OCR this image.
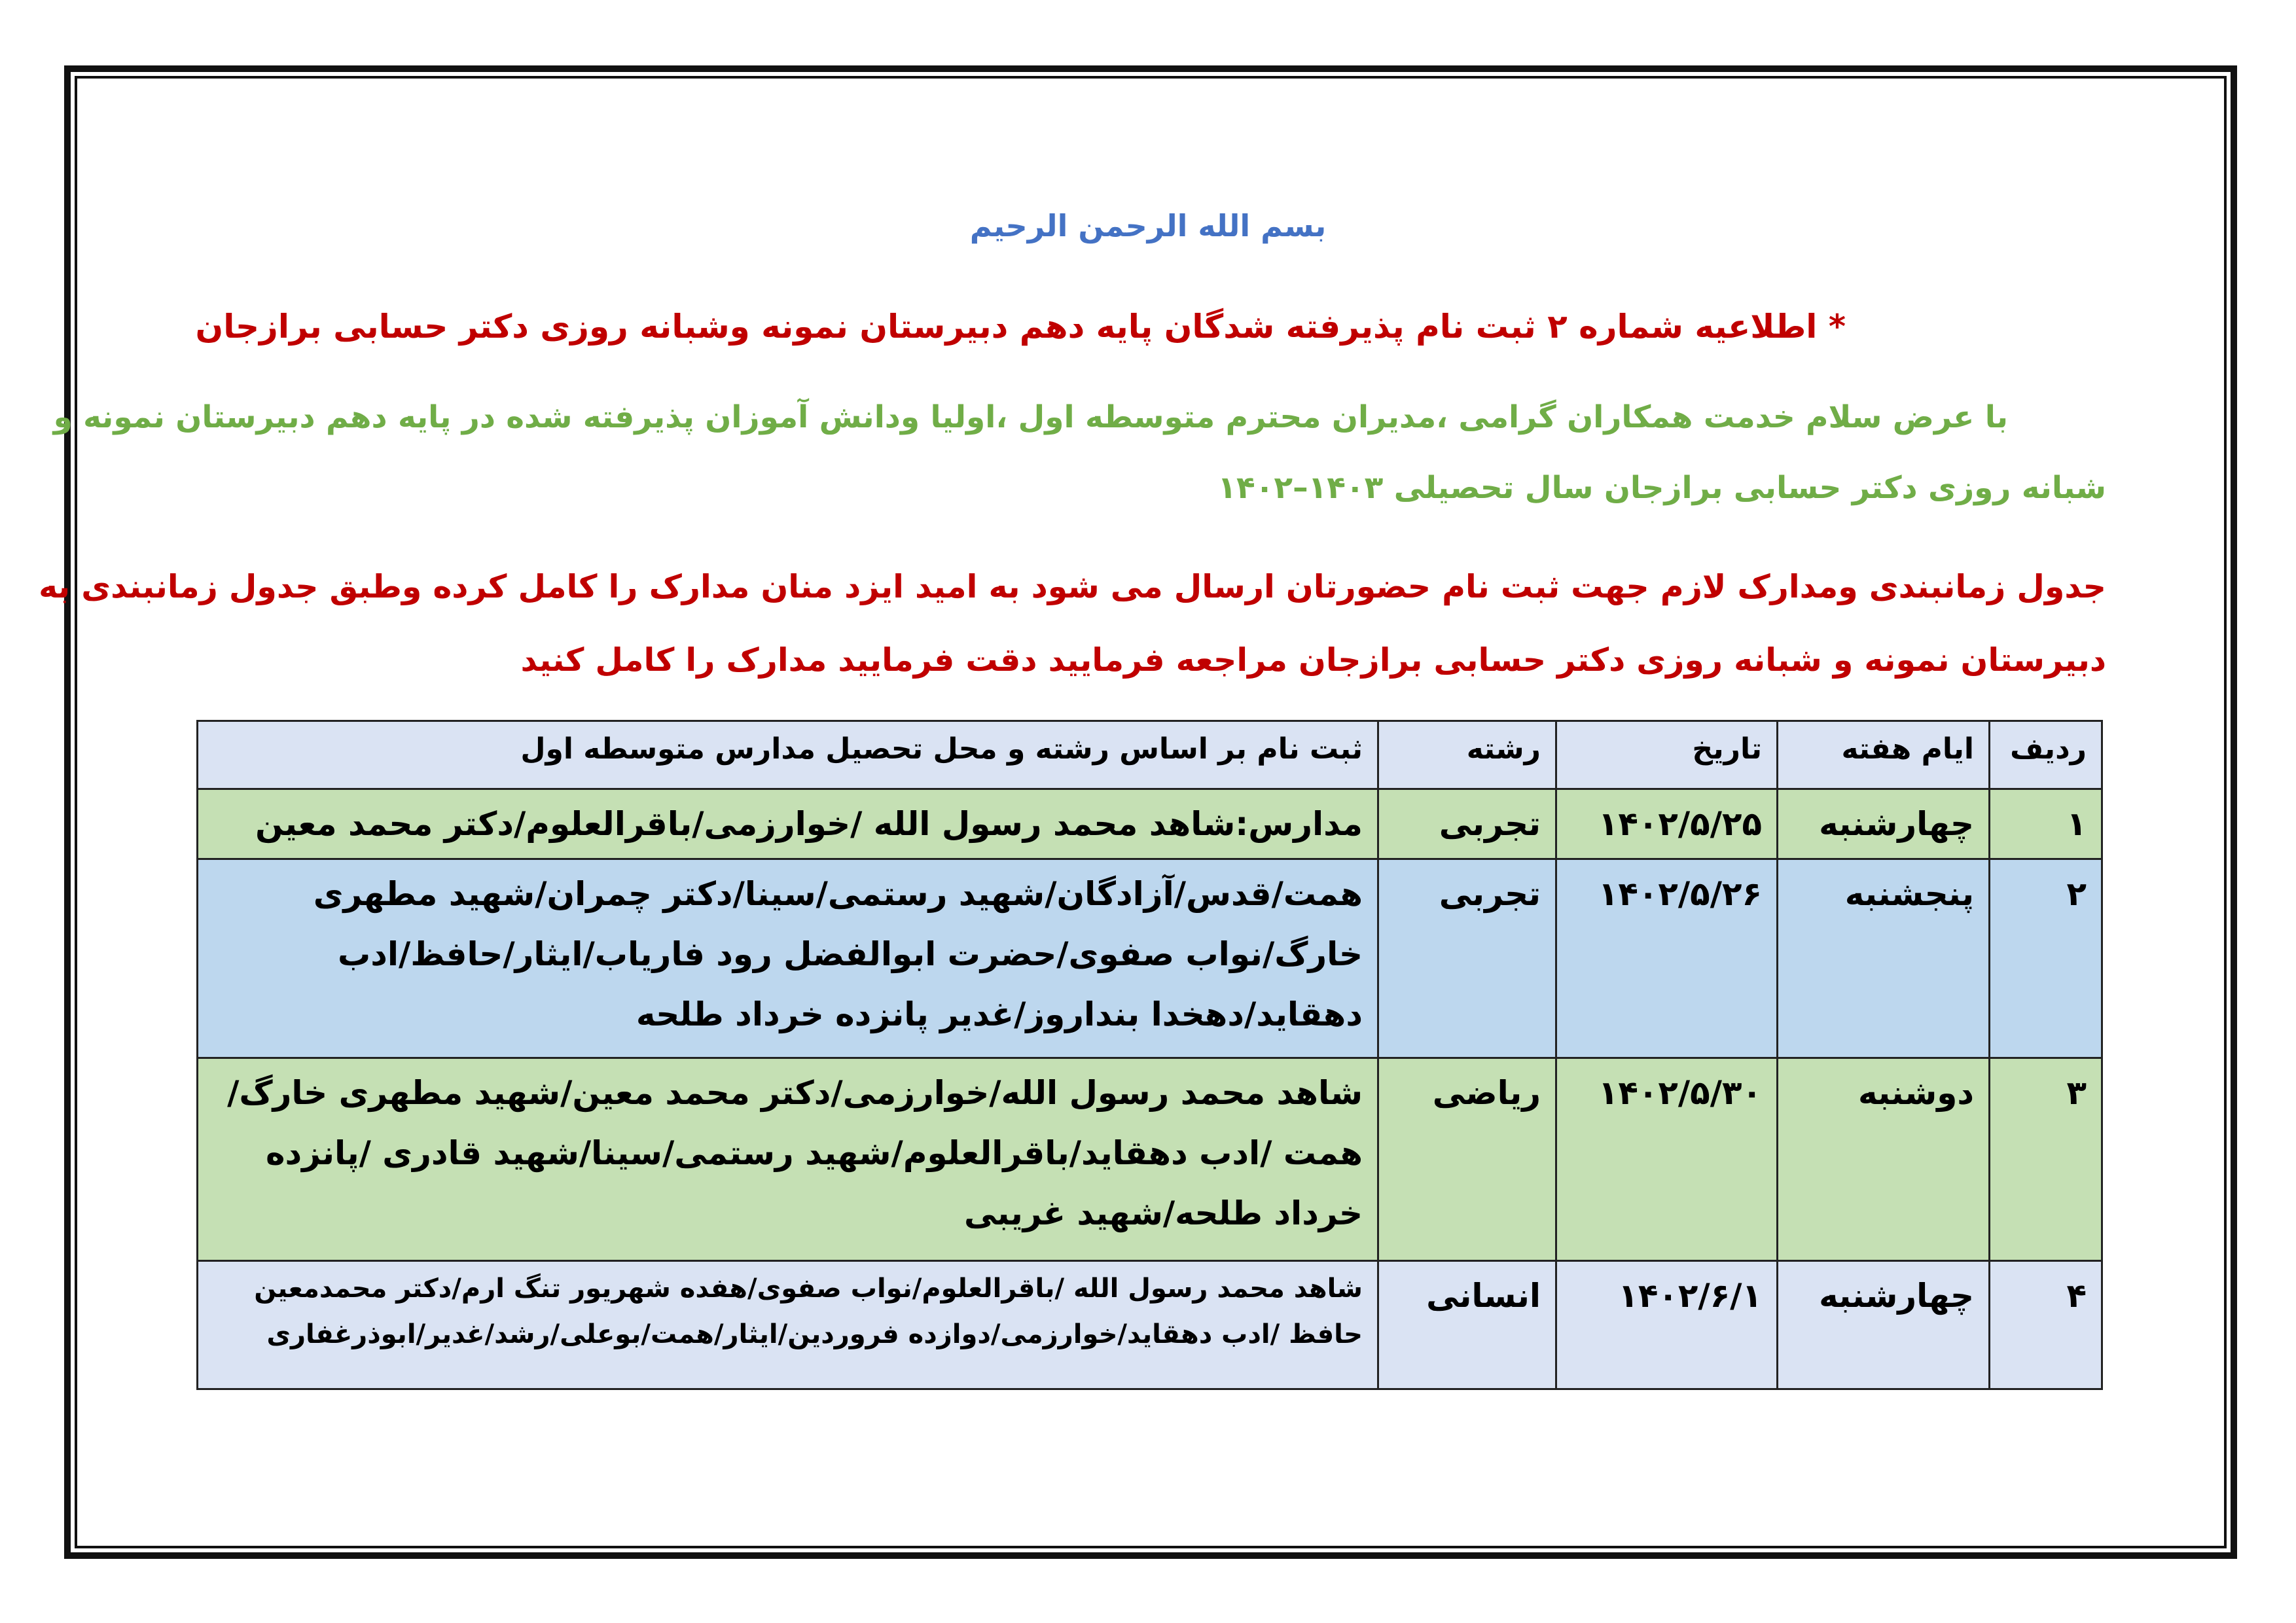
بسم الله الرحمن الرحیم
* اطلاعیه شماره ۲ ثبت نام پذیرفته شدگان پایه دهم دبیرستان نمونه وشبانه روزی دکتر حسابی برازجان
با عرض سلام خدمت همکاران گرامی ،مدیران محترم متوسطه اول ،اولیا ودانش آموزان پذیرفته شده در پایه دهم دبیرستان نمونه و
شبانه روزی دکتر حسابی برازجان سال تحصیلی ۱۴۰۳–۱۴۰۲
جدول زمانبندی ومدارک لازم جهت ثبت نام حضورتان ارسال می شود به امید ایزد منان مدارک را کامل کرده وطبق جدول زمانبندی به
دبیرستان نمونه و شبانه روزی دکتر حسابی برازجان مراجعه فرمایید دقت فرمایید مدارک را کامل کنید
ردیف	ایام هفته	تاریخ	رشته	ثبت نام بر اساس رشته و محل تحصیل مدارس متوسطه اول
۱	چهارشنبه	۱۴۰۲/۵/۲۵	تجربی	مدارس:شاهد محمد رسول الله /خوارزمی/باقرالعلوم/دکتر محمد معین
۲	پنجشنبه	۱۴۰۲/۵/۲۶	تجربی	همت/قدس/آزادگان/شهید رستمی/سینا/دکتر چمران/شهید مطهری خارگ/نواب صفوی/حضرت ابوالفضل رود فاریاب/ایثار/حافظ/ادب دهقاید/دهخدا بنداروز/غدیر پانزده خرداد طلحه
۳	دوشنبه	۱۴۰۲/۵/۳۰	ریاضی	شاهد محمد رسول الله/خوارزمی/دکتر محمد معین/شهید مطهری خارگ/همت /ادب دهقاید/باقرالعلوم/شهید رستمی/سینا/شهید قادری /پانزده خرداد طلحه/شهید غریبی
۴	چهارشنبه	۱۴۰۲/۶/۱	انسانی	شاهد محمد رسول الله /باقرالعلوم/نواب صفوی/هفده شهریور تنگ ارم/دکتر محمدمعین حافظ /ادب دهقاید/خوارزمی/دوازده فروردین/ایثار/همت/بوعلی/رشد/غدیر/ابوذرغفاری
